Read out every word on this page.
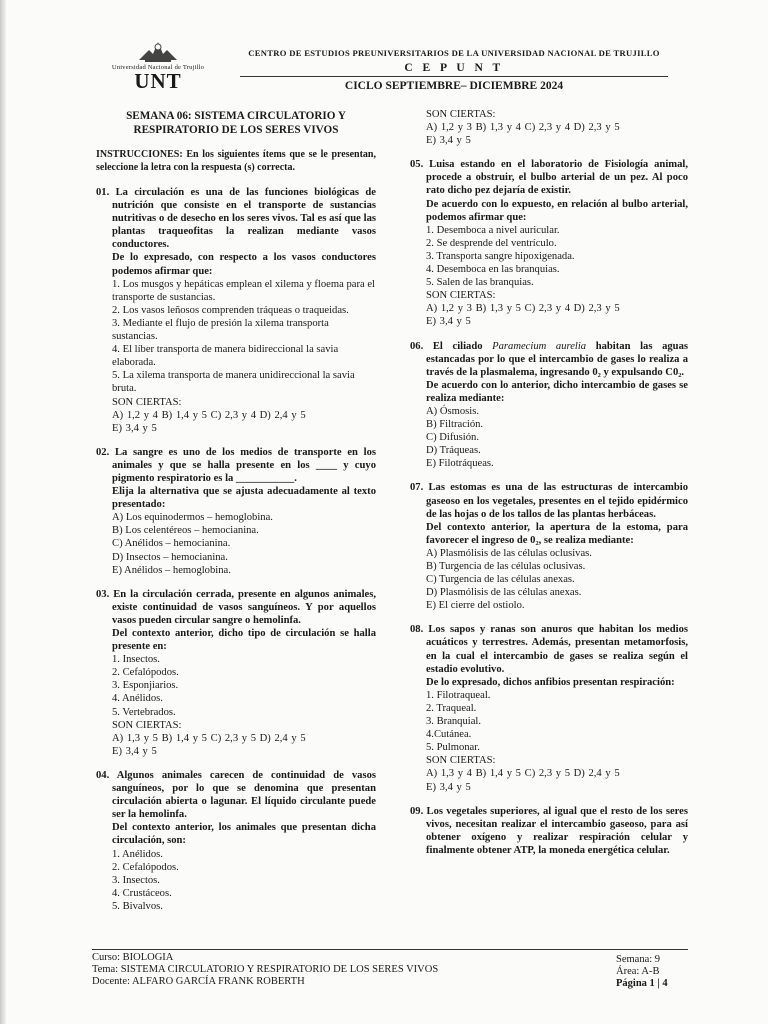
Universidad Nacional de Trujillo
UNT
CENTRO DE ESTUDIOS PREUNIVERSITARIOS DE LA UNIVERSIDAD NACIONAL DE TRUJILLO
C E P U N T
CICLO SEPTIEMBRE– DICIEMBRE 2024
SEMANA 06: SISTEMA CIRCULATORIO Y RESPIRATORIO DE LOS SERES VIVOS
INSTRUCCIONES: En los siguientes ítems que se le presentan, seleccione la letra con la respuesta (s) correcta.
01. La circulación es una de las funciones biológicas de nutrición que consiste en el transporte de sustancias nutritivas o de desecho en los seres vivos. Tal es así que las plantas traqueofitas la realizan mediante vasos conductores.
De lo expresado, con respecto a los vasos conductores podemos afirmar que:
1. Los musgos y hepáticas emplean el xilema y floema para el transporte de sustancias.
2. Los vasos leñosos comprenden tráqueas o traqueidas.
3. Mediante el flujo de presión la xilema transporta sustancias.
4. El líber transporta de manera bidireccional la savia elaborada.
5. La xilema transporta de manera unidireccional la savia bruta.
SON CIERTAS:
A) 1,2 y 4 B) 1,4 y 5 C) 2,3 y 4 D) 2,4 y 5
E) 3,4 y 5
02. La sangre es uno de los medios de transporte en los animales y que se halla presente en los ____ y cuyo pigmento respiratorio es la ___________.
Elija la alternativa que se ajusta adecuadamente al texto presentado:
A) Los equinodermos – hemoglobina.
B) Los celentéreos – hemocianina.
C) Anélidos – hemocianina.
D) Insectos – hemocianina.
E) Anélidos – hemoglobina.
03. En la circulación cerrada, presente en algunos animales, existe continuidad de vasos sanguíneos. Y por aquellos vasos pueden circular sangre o hemolinfa.
Del contexto anterior, dicho tipo de circulación se halla presente en:
1. Insectos.
2. Cefalópodos.
3. Esponjiarios.
4. Anélidos.
5. Vertebrados.
SON CIERTAS:
A) 1,3 y 5 B) 1,4 y 5 C) 2,3 y 5 D) 2,4 y 5
E) 3,4 y 5
04. Algunos animales carecen de continuidad de vasos sanguíneos, por lo que se denomina que presentan circulación abierta o lagunar. El líquido circulante puede ser la hemolinfa.
Del contexto anterior, los animales que presentan dicha circulación, son:
1. Anélidos.
2. Cefalópodos.
3. Insectos.
4. Crustáceos.
5. Bivalvos.
SON CIERTAS:
A) 1,2 y 3 B) 1,3 y 4 C) 2,3 y 4 D) 2,3 y 5
E) 3,4 y 5
05. Luisa estando en el laboratorio de Fisiología animal, procede a obstruir, el bulbo arterial de un pez. Al poco rato dicho pez dejaría de existir.
De acuerdo con lo expuesto, en relación al bulbo arterial, podemos afirmar que:
1. Desemboca a nivel auricular.
2. Se desprende del ventrículo.
3. Transporta sangre hipoxigenada.
4. Desemboca en las branquias.
5. Salen de las branquias.
SON CIERTAS:
A) 1,2 y 3 B) 1,3 y 5 C) 2,3 y 4 D) 2,3 y 5
E) 3,4 y 5
06. El ciliado Paramecium aurelia habitan las aguas estancadas por lo que el intercambio de gases lo realiza a través de la plasmalema, ingresando 0₂ y expulsando C0₂.
De acuerdo con lo anterior, dicho intercambio de gases se realiza mediante:
A) Ósmosis.
B) Filtración.
C) Difusión.
D) Tráqueas.
E) Filotráqueas.
07. Las estomas es una de las estructuras de intercambio gaseoso en los vegetales, presentes en el tejido epidérmico de las hojas o de los tallos de las plantas herbáceas.
Del contexto anterior, la apertura de la estoma, para favorecer el ingreso de 0₂, se realiza mediante:
A) Plasmólisis de las células oclusivas.
B) Turgencia de las células oclusivas.
C) Turgencia de las células anexas.
D) Plasmólisis de las células anexas.
E) El cierre del ostiolo.
08. Los sapos y ranas son anuros que habitan los medios acuáticos y terrestres. Además, presentan metamorfosis, en la cual el intercambio de gases se realiza según el estadio evolutivo.
De lo expresado, dichos anfibios presentan respiración:
1. Filotraqueal.
2. Traqueal.
3. Branquial.
4.Cutánea.
5. Pulmonar.
SON CIERTAS:
A) 1,3 y 4 B) 1,4 y 5 C) 2,3 y 5 D) 2,4 y 5
E) 3,4 y 5
09. Los vegetales superiores, al igual que el resto de los seres vivos, necesitan realizar el intercambio gaseoso, para así obtener oxígeno y realizar respiración celular y finalmente obtener ATP, la moneda energética celular.
Curso: BIOLOGIA
Tema: SISTEMA CIRCULATORIO Y RESPIRATORIO DE LOS SERES VIVOS
Docente: ALFARO GARCÍA FRANK ROBERTH
Semana: 9
Área: A-B
Página 1 | 4
